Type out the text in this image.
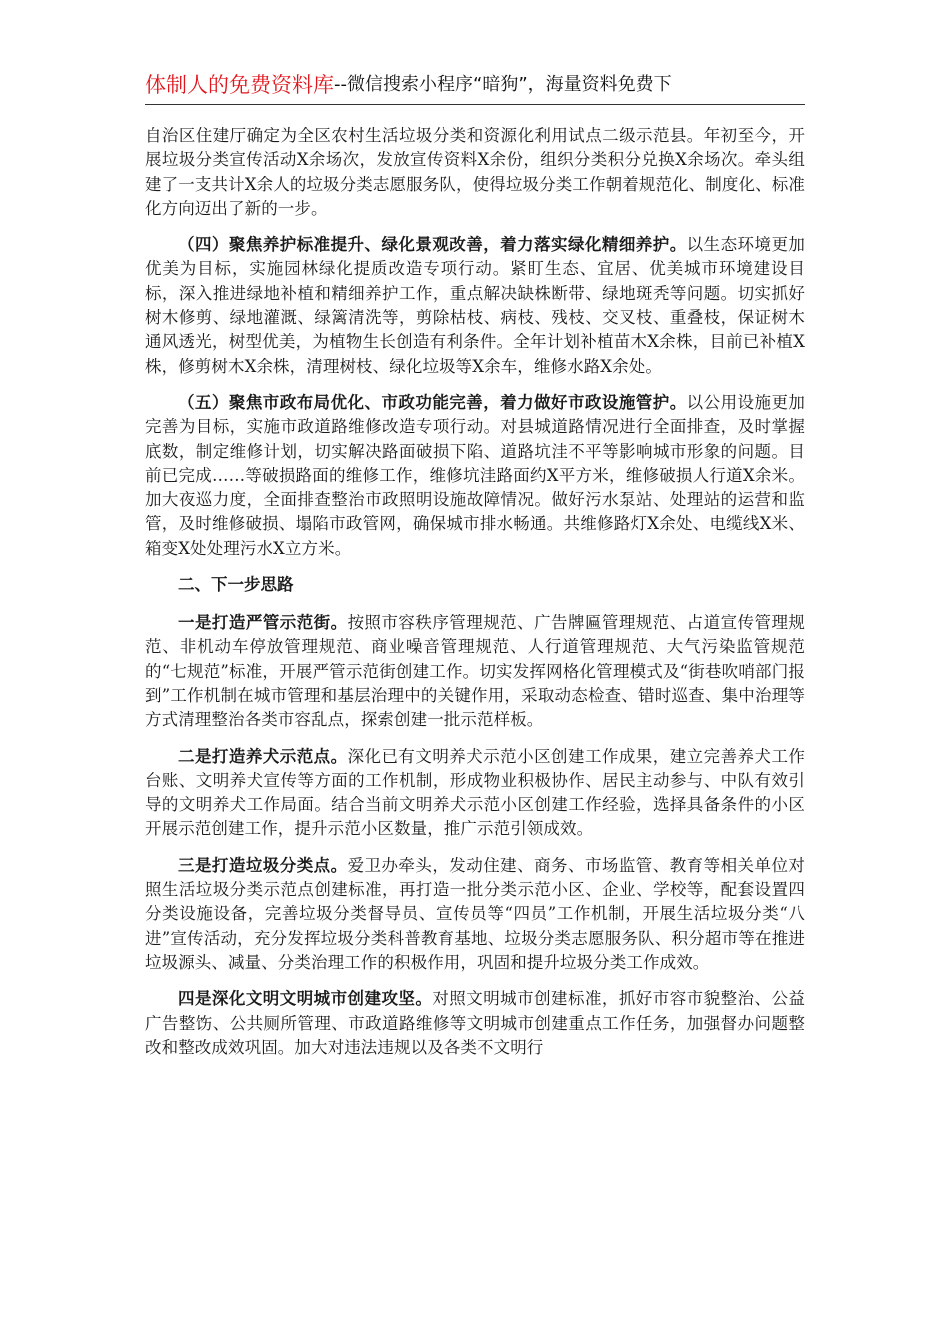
体制人的免费资料库--微信搜索小程序“暗狗”，海量资料免费下

自治区住建厅确定为全区农村生活垃圾分类和资源化利用试点二级示范县。年初至今，开展垃圾分类宣传活动X余场次，发放宣传资料X余份，组织分类积分兑换X余场次。牵头组建了一支共计X余人的垃圾分类志愿服务队，使得垃圾分类工作朝着规范化、制度化、标准化方向迈出了新的一步。

（四）聚焦养护标准提升、绿化景观改善，着力落实绿化精细养护。以生态环境更加优美为目标，实施园林绿化提质改造专项行动。紧盯生态、宜居、优美城市环境建设目标，深入推进绿地补植和精细养护工作，重点解决缺株断带、绿地斑秃等问题。切实抓好树木修剪、绿地灌溉、绿篱清洗等，剪除枯枝、病枝、残枝、交叉枝、重叠枝，保证树木通风透光，树型优美，为植物生长创造有利条件。全年计划补植苗木X余株，目前已补植X株，修剪树木X余株，清理树枝、绿化垃圾等X余车，维修水路X余处。

（五）聚焦市政布局优化、市政功能完善，着力做好市政设施管护。以公用设施更加完善为目标，实施市政道路维修改造专项行动。对县城道路情况进行全面排查，及时掌握底数，制定维修计划，切实解决路面破损下陷、道路坑洼不平等影响城市形象的问题。目前已完成……等破损路面的维修工作，维修坑洼路面约X平方米，维修破损人行道X余米。加大夜巡力度，全面排查整治市政照明设施故障情况。做好污水泵站、处理站的运营和监管，及时维修破损、塌陷市政管网，确保城市排水畅通。共维修路灯X余处、电缆线X米、箱变X处处理污水X立方米。

二、下一步思路

一是打造严管示范街。按照市容秩序管理规范、广告牌匾管理规范、占道宣传管理规范、非机动车停放管理规范、商业噪音管理规范、人行道管理规范、大气污染监管规范的“七规范”标准，开展严管示范街创建工作。切实发挥网格化管理模式及“街巷吹哨部门报到”工作机制在城市管理和基层治理中的关键作用，采取动态检查、错时巡查、集中治理等方式清理整治各类市容乱点，探索创建一批示范样板。

二是打造养犬示范点。深化已有文明养犬示范小区创建工作成果，建立完善养犬工作台账、文明养犬宣传等方面的工作机制，形成物业积极协作、居民主动参与、中队有效引导的文明养犬工作局面。结合当前文明养犬示范小区创建工作经验，选择具备条件的小区开展示范创建工作，提升示范小区数量，推广示范引领成效。

三是打造垃圾分类点。爱卫办牵头，发动住建、商务、市场监管、教育等相关单位对照生活垃圾分类示范点创建标准，再打造一批分类示范小区、企业、学校等，配套设置四分类设施设备，完善垃圾分类督导员、宣传员等“四员”工作机制，开展生活垃圾分类“八进”宣传活动，充分发挥垃圾分类科普教育基地、垃圾分类志愿服务队、积分超市等在推进垃圾源头、减量、分类治理工作的积极作用，巩固和提升垃圾分类工作成效。

四是深化文明文明城市创建攻坚。对照文明城市创建标准，抓好市容市貌整治、公益广告整饬、公共厕所管理、市政道路维修等文明城市创建重点工作任务，加强督办问题整改和整改成效巩固。加大对违法违规以及各类不文明行
